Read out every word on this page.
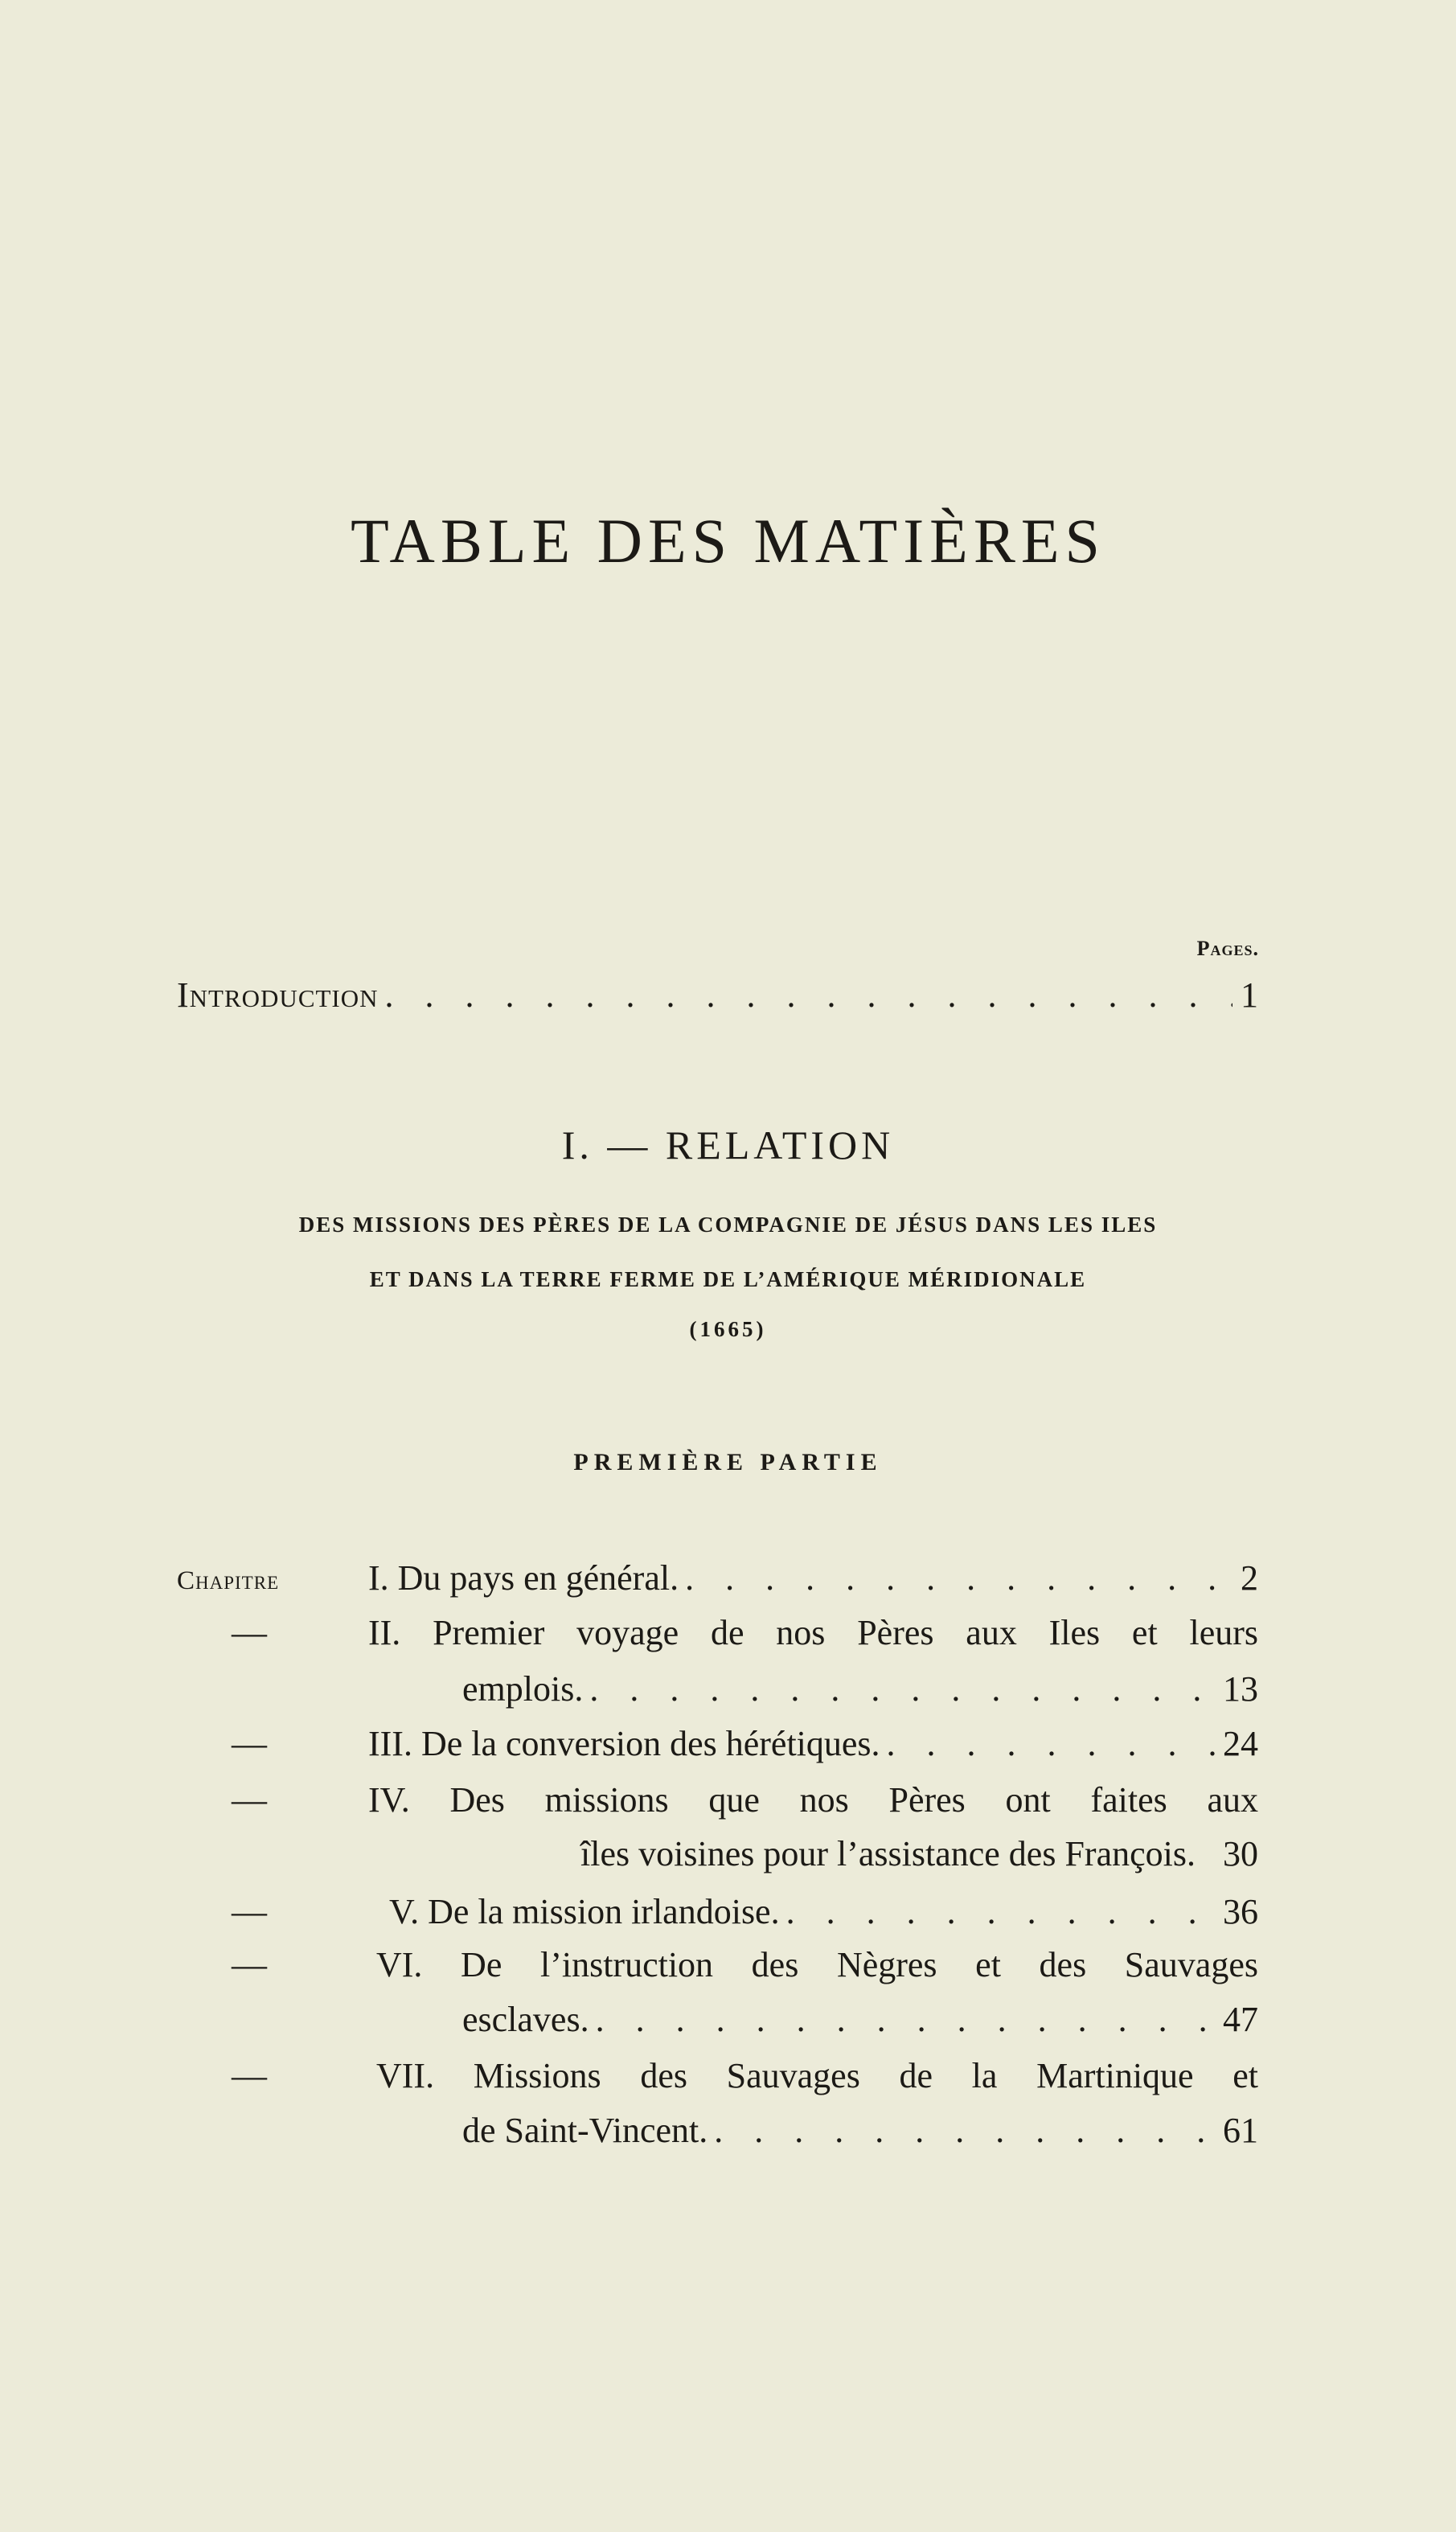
TABLE DES MATIÈRES
Pages.
Introduction . . .	1
I. — RELATION
DES MISSIONS DES PÈRES DE LA COMPAGNIE DE JÉSUS DANS LES ILES
ET DANS LA TERRE FERME DE L’AMÉRIQUE MÉRIDIONALE
(1665)
PREMIÈRE PARTIE
Chapitre	I. Du pays en général. . . .	2
—	II. Premier voyage de nos Pères aux Iles et leurs
emplois. . . .	13
—	III. De la conversion des hérétiques. . . .	24
—	IV. Des missions que nos Pères ont faites aux
îles voisines pour l’assistance des François. 30
—	V. De la mission irlandoise. . . .	36
—	VI. De l’instruction des Nègres et des Sauvages
esclaves. . . .	47
—	VII. Missions des Sauvages de la Martinique et
de Saint-Vincent. . . .	61
